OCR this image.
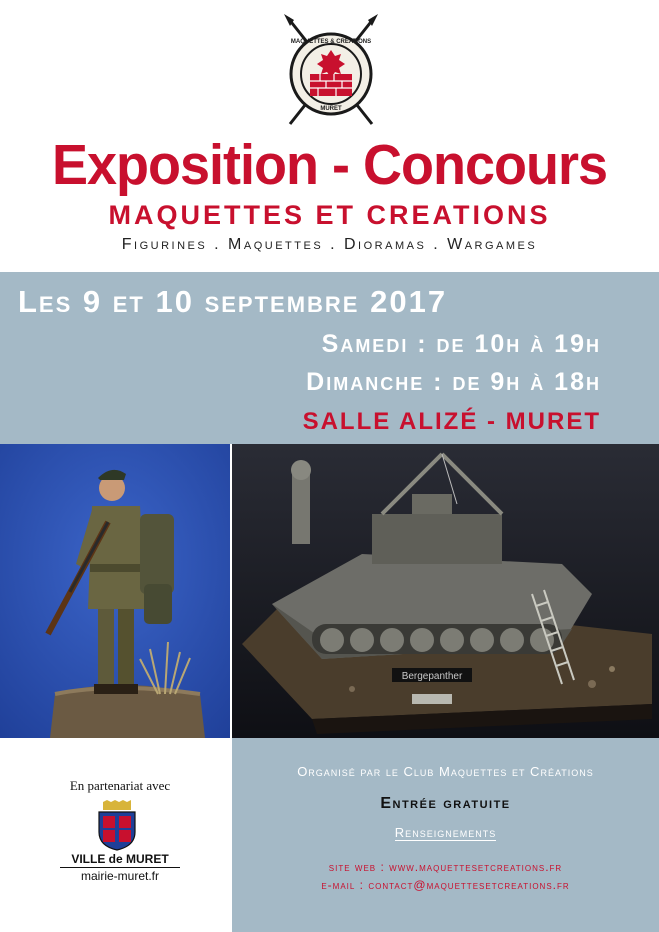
MAQUETTES & CREATIONS
MURET
Exposition - Concours
MAQUETTES ET CREATIONS
Figurines . Maquettes . Dioramas . Wargames
Les 9 et 10 septembre 2017
Samedi : de 10h à 19h
Dimanche : de 9h à 18h
SALLE ALIZÉ - MURET
Bergepanther
En partenariat avec
VILLE de MURET
mairie-muret.fr
Organisé par le Club Maquettes et Créations
Entrée gratuite
Renseignements
site web : www.maquettesetcreations.fr
e-mail : contact@maquettesetcreations.fr
